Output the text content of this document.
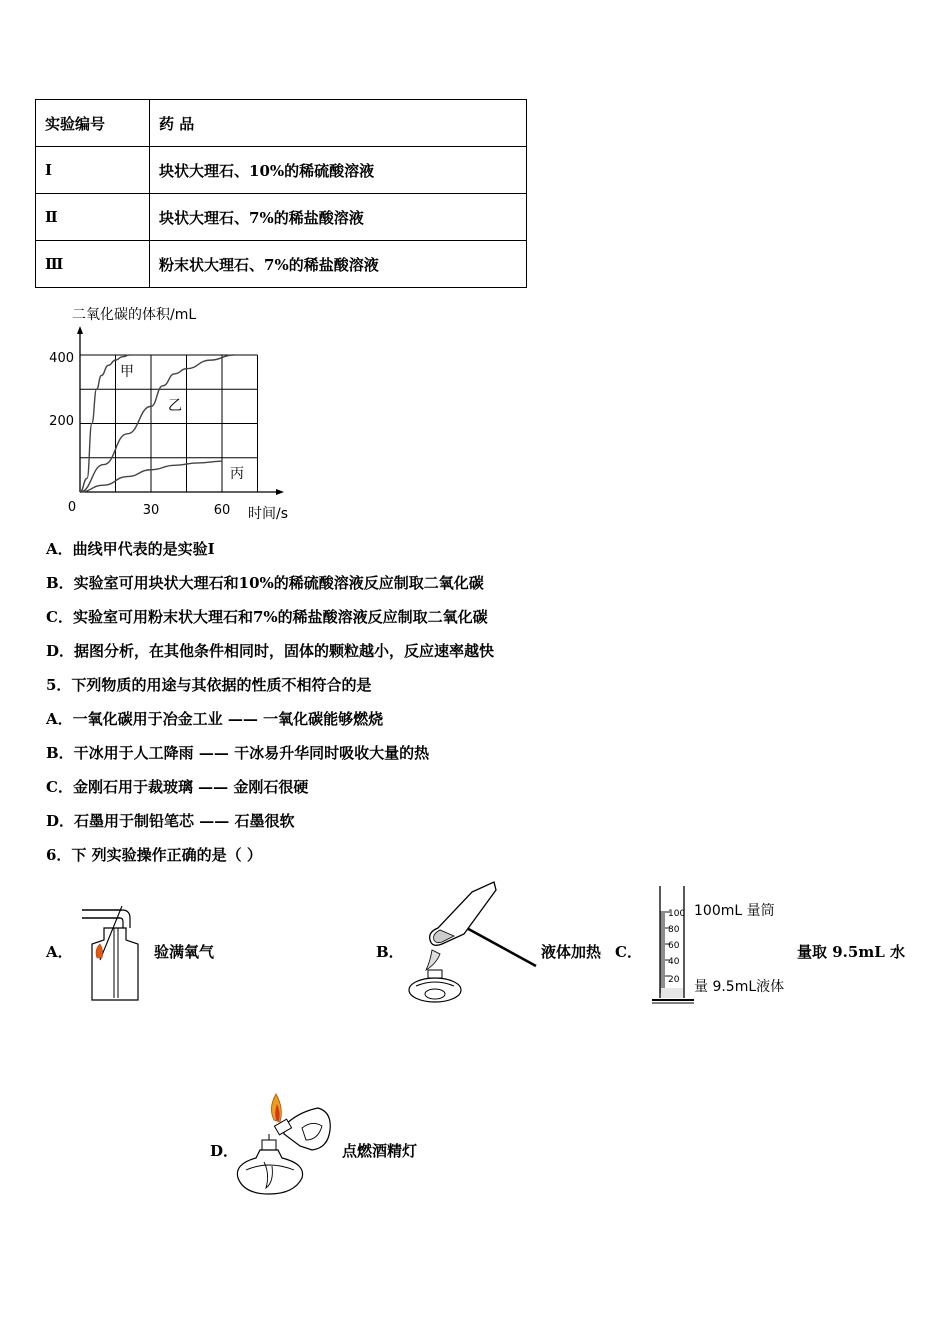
实验编号	药 品
Ⅰ	块状大理石、10%的稀硫酸溶液
Ⅱ	块状大理石、7%的稀盐酸溶液
Ⅲ	粉末状大理石、7%的稀盐酸溶液
二氧化碳的体积/mL
时间/s
0	30	60
200
400
甲
乙
丙
A．曲线甲代表的是实验Ⅰ
B．实验室可用块状大理石和10%的稀硫酸溶液反应制取二氧化碳
C．实验室可用粉末状大理石和7%的稀盐酸溶液反应制取二氧化碳
D．据图分析，在其他条件相同时，固体的颗粒越小，反应速率越快
5．下列物质的用途与其依据的性质不相符合的是
A．一氧化碳用于冶金工业 —— 一氧化碳能够燃烧
B．干冰用于人工降雨 —— 干冰易升华同时吸收大量的热
C．金刚石用于裁玻璃 —— 金刚石很硬
D．石墨用于制铅笔芯 —— 石墨很软
6．下 列实验操作正确的是（ ）
A．	验满氧气	B．	液体加热 C．
100
80
60
40
20
100mL 量筒
量 9.5mL液体
量取 9.5mL 水
D．	点燃酒精灯
